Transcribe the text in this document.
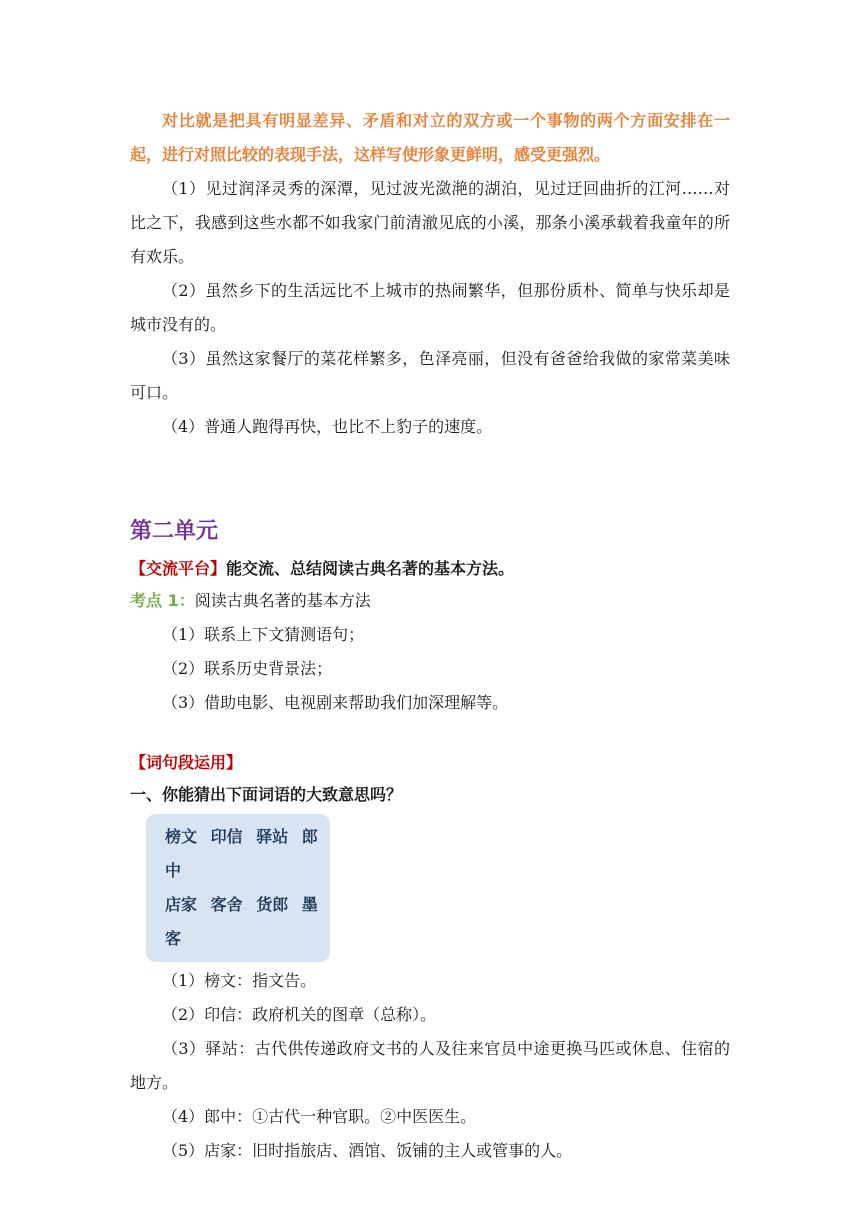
对比就是把具有明显差异、矛盾和对立的双方或一个事物的两个方面安排在一起，进行对照比较的表现手法，这样写使形象更鲜明，感受更强烈。

（1）见过润泽灵秀的深潭，见过波光潋滟的湖泊，见过迂回曲折的江河……对比之下，我感到这些水都不如我家门前清澈见底的小溪，那条小溪承载着我童年的所有欢乐。

（2）虽然乡下的生活远比不上城市的热闹繁华，但那份质朴、简单与快乐却是城市没有的。

（3）虽然这家餐厅的菜花样繁多，色泽亮丽，但没有爸爸给我做的家常菜美味可口。

（4）普通人跑得再快，也比不上豹子的速度。

第二单元

【交流平台】能交流、总结阅读古典名著的基本方法。

考点 1：阅读古典名著的基本方法

（1）联系上下文猜测语句；

（2）联系历史背景法；

（3）借助电影、电视剧来帮助我们加深理解等。

【词句段运用】

一、你能猜出下面词语的大致意思吗？

榜文 印信 驿站 郎中
店家 客舍 货郎 墨客

（1）榜文：指文告。

（2）印信：政府机关的图章（总称）。

（3）驿站：古代供传递政府文书的人及往来官员中途更换马匹或休息、住宿的地方。

（4）郎中：①古代一种官职。②中医医生。

（5）店家：旧时指旅店、酒馆、饭铺的主人或管事的人。
